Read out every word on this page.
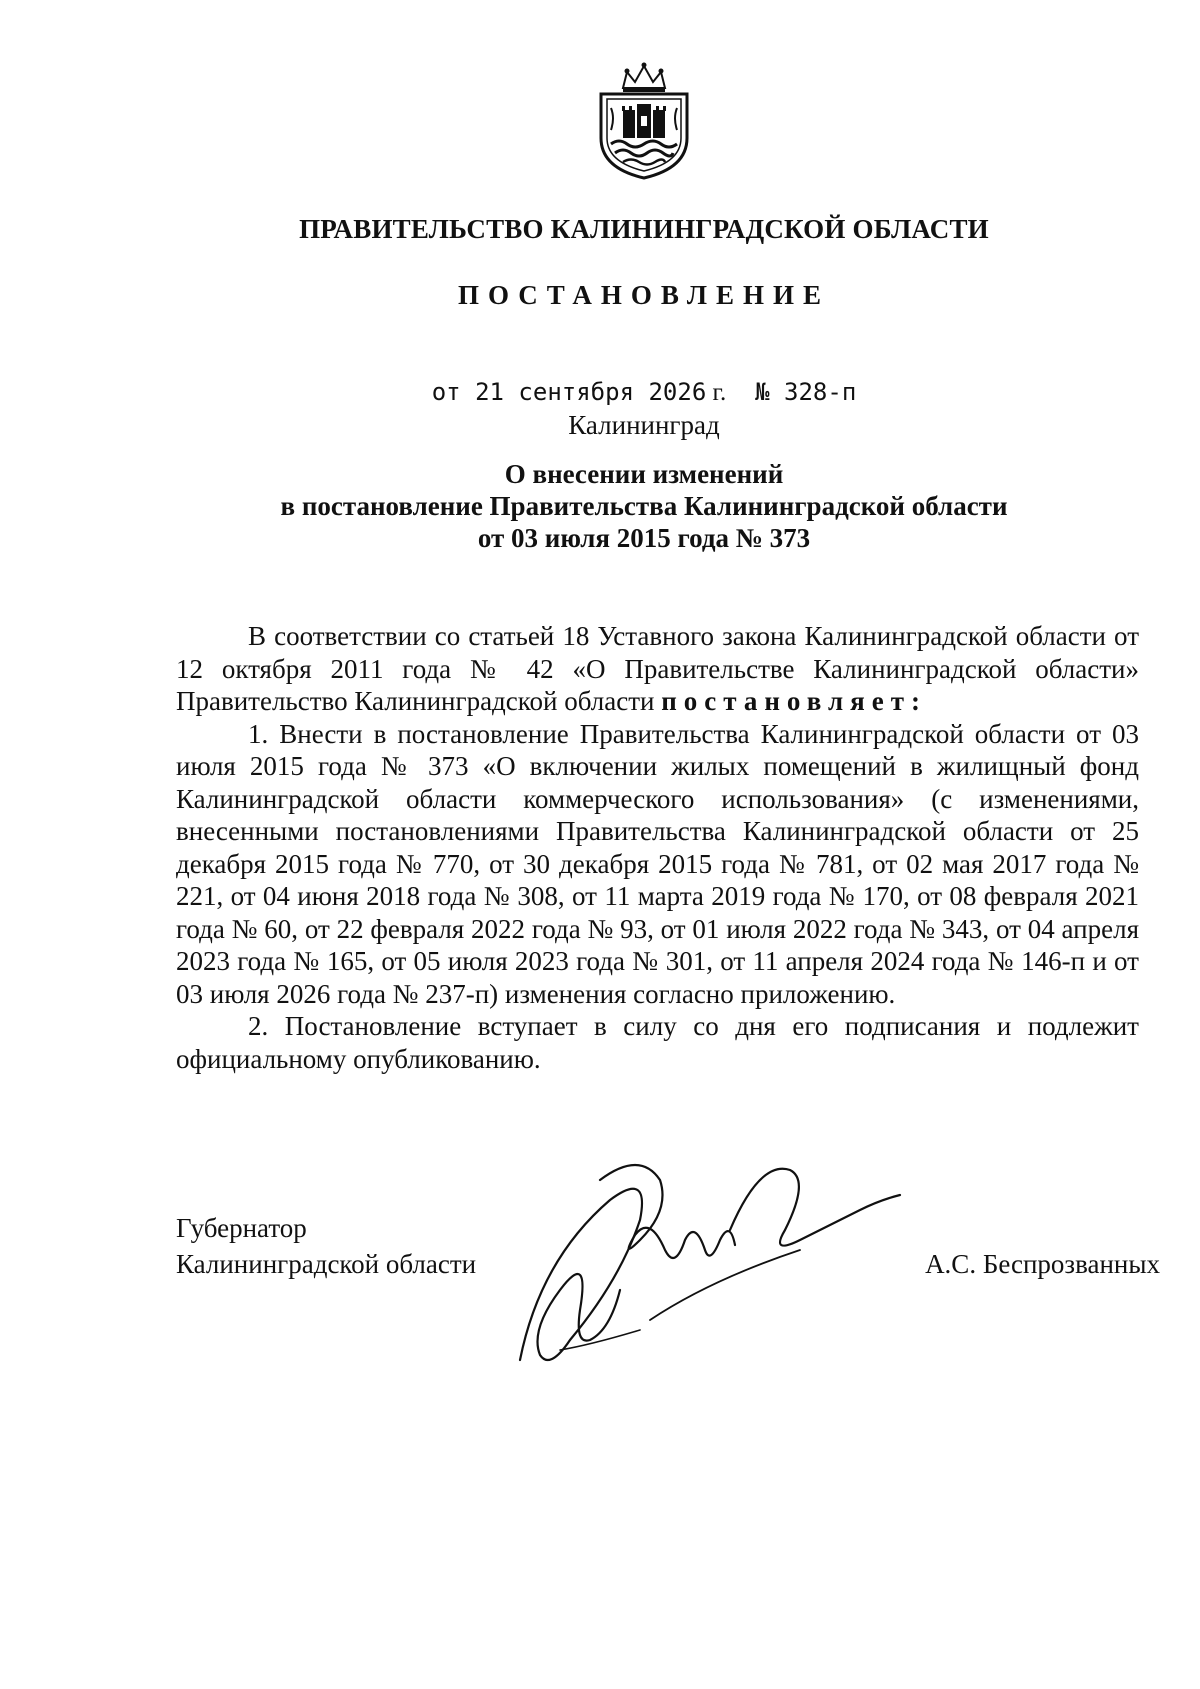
ПРАВИТЕЛЬСТВО КАЛИНИНГРАДСКОЙ ОБЛАСТИ
ПОСТАНОВЛЕНИЕ
от 21 сентября 2026 г.  № 328-п
Калининград
О внесении изменений
в постановление Правительства Калининградской области
от 03 июля 2015 года № 373

В соответствии со статьей 18 Уставного закона Калининградской области от 12 октября 2011 года № 42 «О Правительстве Калининградской области» Правительство Калининградской области постановляет:

1. Внести в постановление Правительства Калининградской области от 03 июля 2015 года № 373 «О включении жилых помещений в жилищный фонд Калининградской области коммерческого использования» (с изменениями, внесенными постановлениями Правительства Калининградской области от 25 декабря 2015 года № 770, от 30 декабря 2015 года № 781, от 02 мая 2017 года № 221, от 04 июня 2018 года № 308, от 11 марта 2019 года № 170, от 08 февраля 2021 года № 60, от 22 февраля 2022 года № 93, от 01 июля 2022 года № 343, от 04 апреля 2023 года № 165, от 05 июля 2023 года № 301, от 11 апреля 2024 года № 146-п и от 03 июля 2026 года № 237-п) изменения согласно приложению.

2. Постановление вступает в силу со дня его подписания и подлежит официальному опубликованию.

Губернатор
Калининградской области	А.С. Беспрозванных
